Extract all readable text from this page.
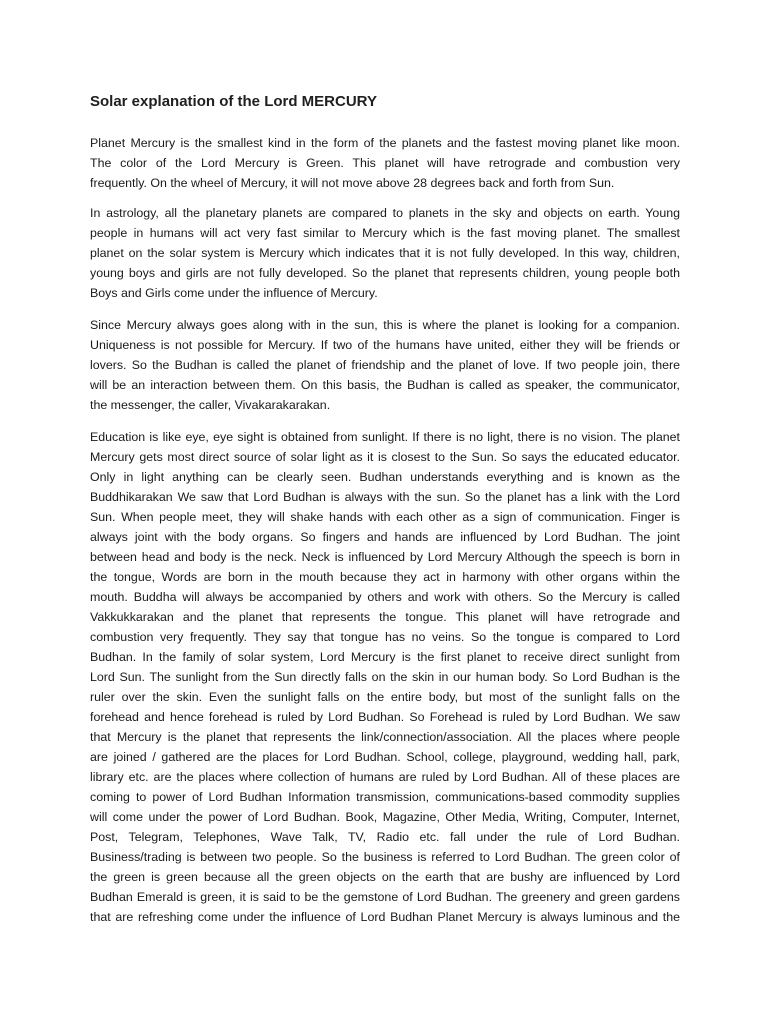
Solar explanation of the Lord MERCURY
Planet Mercury is the smallest kind in the form of the planets and the fastest moving planet like moon.
The color of the Lord Mercury is Green. This planet will have retrograde and combustion very
frequently. On the wheel of Mercury, it will not move above 28 degrees back and forth from Sun.
In astrology, all the planetary planets are compared to planets in the sky and objects on earth. Young
people in humans will act very fast similar to Mercury which is the fast moving planet. The smallest
planet on the solar system is Mercury which indicates that it is not fully developed. In this way, children,
young boys and girls are not fully developed. So the planet that represents children, young people both
Boys and Girls come under the influence of Mercury.
Since Mercury always goes along with in the sun, this is where the planet is looking for a companion.
Uniqueness is not possible for Mercury. If two of the humans have united, either they will be friends or
lovers. So the Budhan is called the planet of friendship and the planet of love. If two people join, there
will be an interaction between them. On this basis, the Budhan is called as speaker, the communicator,
the messenger, the caller, Vivakarakarakan.
Education is like eye, eye sight is obtained from sunlight. If there is no light, there is no vision. The planet
Mercury gets most direct source of solar light as it is closest to the Sun. So says the educated educator.
Only in light anything can be clearly seen. Budhan understands everything and is known as the
Buddhikarakan We saw that Lord Budhan is always with the sun. So the planet has a link with the Lord
Sun. When people meet, they will shake hands with each other as a sign of communication. Finger is
always joint with the body organs. So fingers and hands are influenced by Lord Budhan. The joint
between head and body is the neck. Neck is influenced by Lord Mercury Although the speech is born in
the tongue, Words are born in the mouth because they act in harmony with other organs within the
mouth. Buddha will always be accompanied by others and work with others. So the Mercury is called
Vakkukkarakan and the planet that represents the tongue. This planet will have retrograde and
combustion very frequently. They say that tongue has no veins. So the tongue is compared to Lord
Budhan. In the family of solar system, Lord Mercury is the first planet to receive direct sunlight from
Lord Sun. The sunlight from the Sun directly falls on the skin in our human body. So Lord Budhan is the
ruler over the skin. Even the sunlight falls on the entire body, but most of the sunlight falls on the
forehead and hence forehead is ruled by Lord Budhan. So Forehead is ruled by Lord Budhan. We saw
that Mercury is the planet that represents the link/connection/association. All the places where people
are joined / gathered are the places for Lord Budhan. School, college, playground, wedding hall, park,
library etc. are the places where collection of humans are ruled by Lord Budhan. All of these places are
coming to power of Lord Budhan Information transmission, communications-based commodity supplies
will come under the power of Lord Budhan. Book, Magazine, Other Media, Writing, Computer, Internet,
Post, Telegram, Telephones, Wave Talk, TV, Radio etc. fall under the rule of Lord Budhan.
Business/trading is between two people. So the business is referred to Lord Budhan. The green color of
the green is green because all the green objects on the earth that are bushy are influenced by Lord
Budhan Emerald is green, it is said to be the gemstone of Lord Budhan. The greenery and green gardens
that are refreshing come under the influence of Lord Budhan Planet Mercury is always luminous and the
